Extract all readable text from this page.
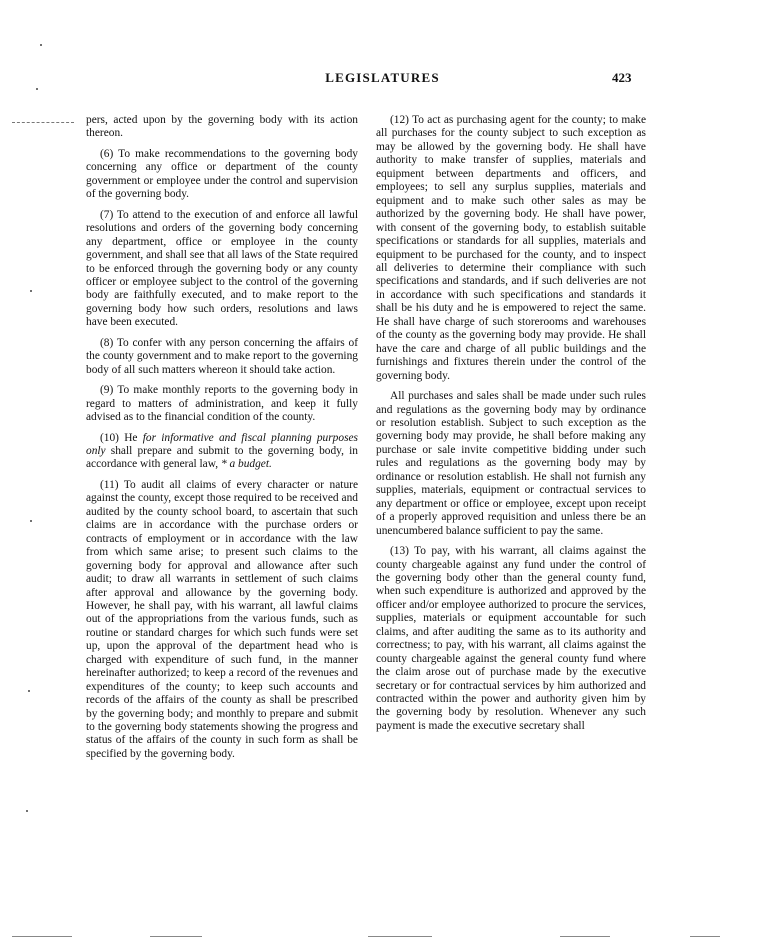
LEGISLATURES	423

pers, acted upon by the governing body with its action thereon.

(6) To make recommendations to the governing body concerning any office or department of the county government or employee under the control and supervision of the governing body.

(7) To attend to the execution of and enforce all lawful resolutions and orders of the governing body concerning any department, office or employee in the county government, and shall see that all laws of the State required to be enforced through the governing body or any county officer or employee subject to the control of the governing body are faithfully executed, and to make report to the governing body how such orders, resolutions and laws have been executed.

(8) To confer with any person concerning the affairs of the county government and to make report to the governing body of all such matters whereon it should take action.

(9) To make monthly reports to the governing body in regard to matters of administration, and keep it fully advised as to the financial condition of the county.

(10) He for informative and fiscal planning purposes only shall prepare and submit to the governing body, in accordance with general law, * a budget.

(11) To audit all claims of every character or nature against the county, except those required to be received and audited by the county school board, to ascertain that such claims are in accordance with the purchase orders or contracts of employment or in accordance with the law from which same arise; to present such claims to the governing body for approval and allowance after such audit; to draw all warrants in settlement of such claims after approval and allowance by the governing body. However, he shall pay, with his warrant, all lawful claims out of the appropriations from the various funds, such as routine or standard charges for which such funds were set up, upon the approval of the department head who is charged with expenditure of such fund, in the manner hereinafter authorized; to keep a record of the revenues and expenditures of the county; to keep such accounts and records of the affairs of the county as shall be prescribed by the governing body; and monthly to prepare and submit to the governing body statements showing the progress and status of the affairs of the county in such form as shall be specified by the governing body.

(12) To act as purchasing agent for the county; to make all purchases for the county subject to such exception as may be allowed by the governing body. He shall have authority to make transfer of supplies, materials and equipment between departments and officers, and employees; to sell any surplus supplies, materials and equipment and to make such other sales as may be authorized by the governing body. He shall have power, with consent of the governing body, to establish suitable specifications or standards for all supplies, materials and equipment to be purchased for the county, and to inspect all deliveries to determine their compliance with such specifications and standards, and if such deliveries are not in accordance with such specifications and standards it shall be his duty and he is empowered to reject the same. He shall have charge of such storerooms and warehouses of the county as the governing body may provide. He shall have the care and charge of all public buildings and the furnishings and fixtures therein under the control of the governing body.

All purchases and sales shall be made under such rules and regulations as the governing body may by ordinance or resolution establish. Subject to such exception as the governing body may provide, he shall before making any purchase or sale invite competitive bidding under such rules and regulations as the governing body may by ordinance or resolution establish. He shall not furnish any supplies, materials, equipment or contractual services to any department or office or employee, except upon receipt of a properly approved requisition and unless there be an unencumbered balance sufficient to pay the same.

(13) To pay, with his warrant, all claims against the county chargeable against any fund under the control of the governing body other than the general county fund, when such expenditure is authorized and approved by the officer and/or employee authorized to procure the services, supplies, materials or equipment accountable for such claims, and after auditing the same as to its authority and correctness; to pay, with his warrant, all claims against the county chargeable against the general county fund where the claim arose out of purchase made by the executive secretary or for contractual services by him authorized and contracted within the power and authority given him by the governing body by resolution. Whenever any such payment is made the executive secretary shall
